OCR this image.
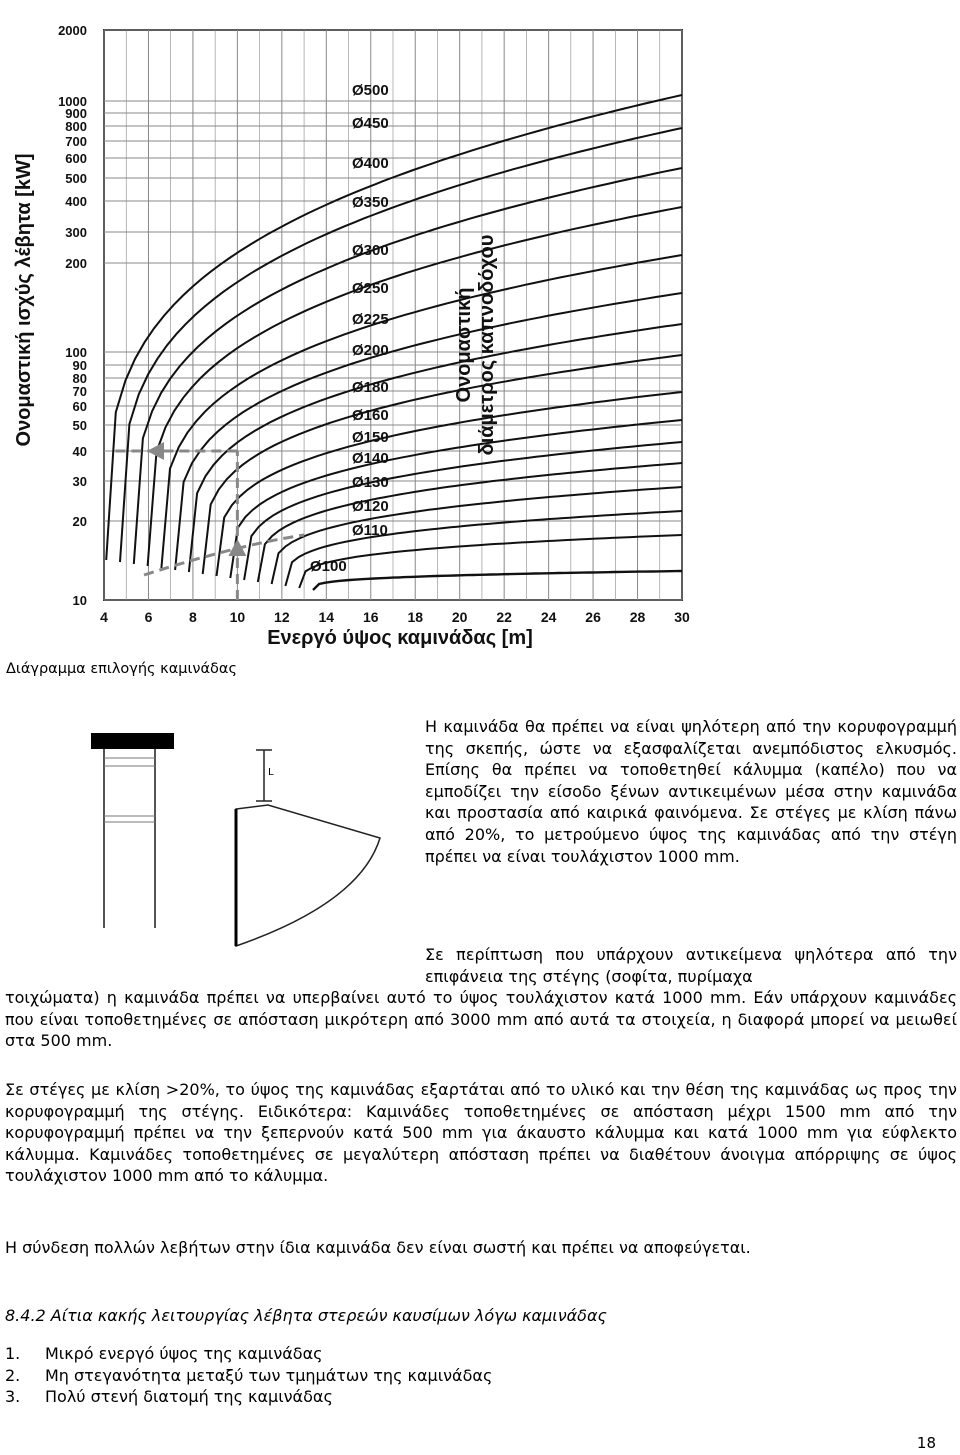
4	6	8 10 12 14 16 18 20 22 24 26 28 30
2000
1000
900
800
700
600
500
400
300
200
100
90
80
70
60
50
40
30
20
10
Ø500
Ø450
Ø400
Ø350
Ø300
Ø250
Ø225
Ø200
Ø180
Ø160
Ø150
Ø140
Ø130
Ø120
Ø110
Ø100
Ενεργό ύψος καμινάδας [m]
Ονομαστική ισχύς λέβητα [kW]	Ονομαστική διάμετρος καπνοδόχου
Διάγραμμα επιλογής καμινάδας
L

Η καμινάδα θα πρέπει να είναι ψηλότερη από την κορυφογραμμή της σκεπής, ώστε να εξασφαλίζεται ανεμπόδιστος ελκυσμός. Επίσης θα πρέπει να τοποθετηθεί κάλυμμα (καπέλο) που να εμποδίζει την είσοδο ξένων αντικειμένων μέσα στην καμινάδα και προστασία από καιρικά φαινόμενα. Σε στέγες με κλίση πάνω από 20%, το μετρούμενο ύψος της καμινάδας από την στέγη πρέπει να είναι τουλάχιστον 1000 mm.

Σε περίπτωση που υπάρχουν αντικείμενα ψηλότερα από την επιφάνεια της στέγης (σοφίτα, πυρίμαχα

τοιχώματα) η καμινάδα πρέπει να υπερβαίνει αυτό το ύψος τουλάχιστον κατά 1000 mm. Εάν υπάρχουν καμινάδες που είναι τοποθετημένες σε απόσταση μικρότερη από 3000 mm από αυτά τα στοιχεία, η διαφορά μπορεί να μειωθεί στα 500 mm.

Σε στέγες με κλίση >20%, το ύψος της καμινάδας εξαρτάται από το υλικό και την θέση της καμινάδας ως προς την κορυφογραμμή της στέγης. Ειδικότερα: Καμινάδες τοποθετημένες σε απόσταση μέχρι 1500 mm από την κορυφογραμμή πρέπει να την ξεπερνούν κατά 500 mm για άκαυστο κάλυμμα και κατά 1000 mm για εύφλεκτο κάλυμμα. Καμινάδες τοποθετημένες σε μεγαλύτερη απόσταση πρέπει να διαθέτουν άνοιγμα απόρριψης σε ύψος τουλάχιστον 1000 mm από το κάλυμμα.

Η σύνδεση πολλών λεβήτων στην ίδια καμινάδα δεν είναι σωστή και πρέπει να αποφεύγεται.

8.4.2 Αίτια κακής λειτουργίας λέβητα στερεών καυσίμων λόγω καμινάδας

1. Μικρό ενεργό ύψος της καμινάδας
2. Μη στεγανότητα μεταξύ των τμημάτων της καμινάδας
3. Πολύ στενή διατομή της καμινάδας
18
